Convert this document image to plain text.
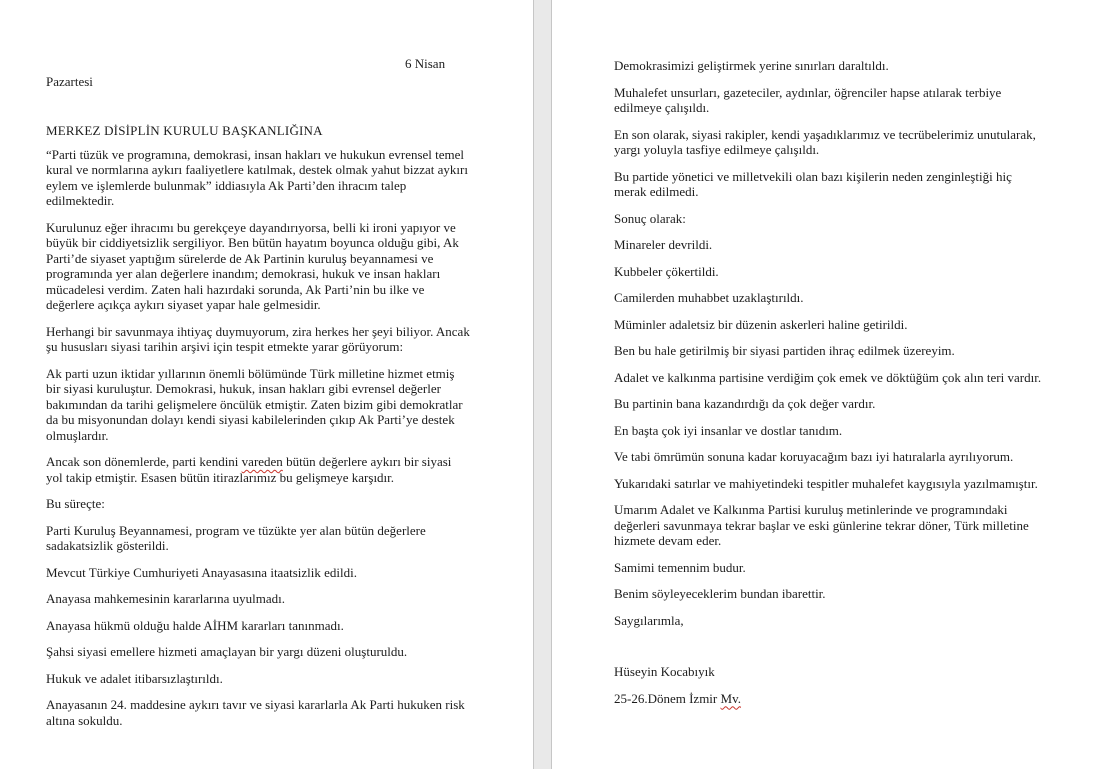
6 Nisan

Pazartesi

MERKEZ DİSİPLİN KURULU BAŞKANLIĞINA

“Parti tüzük ve programına, demokrasi, insan hakları ve hukukun evrensel temel kural ve normlarına aykırı faaliyetlere katılmak, destek olmak yahut bizzat aykırı eylem ve işlemlerde bulunmak” iddiasıyla Ak Parti’den ihracım talep edilmektedir.

Kurulunuz eğer ihracımı bu gerekçeye dayandırıyorsa, belli ki ironi yapıyor ve büyük bir ciddiyetsizlik sergiliyor. Ben bütün hayatım boyunca olduğu gibi, Ak Parti’de siyaset yaptığım sürelerde de Ak Partinin kuruluş beyannamesi ve programında yer alan değerlere inandım; demokrasi, hukuk ve insan hakları mücadelesi verdim. Zaten hali hazırdaki sorunda, Ak Parti’nin bu ilke ve değerlere açıkça aykırı siyaset yapar hale gelmesidir.

Herhangi bir savunmaya ihtiyaç duymuyorum, zira herkes her şeyi biliyor. Ancak şu hususları siyasi tarihin arşivi için tespit etmekte yarar görüyorum:

Ak parti uzun iktidar yıllarının önemli bölümünde Türk milletine hizmet etmiş bir siyasi kuruluştur. Demokrasi, hukuk, insan hakları gibi evrensel değerler bakımından da tarihi gelişmelere öncülük etmiştir. Zaten bizim gibi demokratlar da bu misyonundan dolayı kendi siyasi kabilelerinden çıkıp Ak Parti’ye destek olmuşlardır.

Ancak son dönemlerde, parti kendini vareden bütün değerlere aykırı bir siyasi yol takip etmiştir. Esasen bütün itirazlarımız bu gelişmeye karşıdır.

Bu süreçte:

Parti Kuruluş Beyannamesi, program ve tüzükte yer alan bütün değerlere sadakatsizlik gösterildi.

Mevcut Türkiye Cumhuriyeti Anayasasına itaatsizlik edildi.

Anayasa mahkemesinin kararlarına uyulmadı.

Anayasa hükmü olduğu halde AİHM kararları tanınmadı.

Şahsi siyasi emellere hizmeti amaçlayan bir yargı düzeni oluşturuldu.

Hukuk ve adalet itibarsızlaştırıldı.

Anayasanın 24. maddesine aykırı tavır ve siyasi kararlarla Ak Parti hukuken risk altına sokuldu.

Demokrasimizi geliştirmek yerine sınırları daraltıldı.

Muhalefet unsurları, gazeteciler, aydınlar, öğrenciler hapse atılarak terbiye edilmeye çalışıldı.

En son olarak, siyasi rakipler, kendi yaşadıklarımız ve tecrübelerimiz unutularak, yargı yoluyla tasfiye edilmeye çalışıldı.

Bu partide yönetici ve milletvekili olan bazı kişilerin neden zenginleştiği hiç merak edilmedi.

Sonuç olarak:

Minareler devrildi.

Kubbeler çökertildi.

Camilerden muhabbet uzaklaştırıldı.

Müminler adaletsiz bir düzenin askerleri haline getirildi.

Ben bu hale getirilmiş bir siyasi partiden ihraç edilmek üzereyim.

Adalet ve kalkınma partisine verdiğim çok emek ve döktüğüm çok alın teri vardır.

Bu partinin bana kazandırdığı da çok değer vardır.

En başta çok iyi insanlar ve dostlar tanıdım.

Ve tabi ömrümün sonuna kadar koruyacağım bazı iyi hatıralarla ayrılıyorum.

Yukarıdaki satırlar ve mahiyetindeki tespitler muhalefet kaygısıyla yazılmamıştır.

Umarım Adalet ve Kalkınma Partisi kuruluş metinlerinde ve programındaki değerleri savunmaya tekrar başlar ve eski günlerine tekrar döner, Türk milletine hizmete devam eder.

Samimi temennim budur.

Benim söyleyeceklerim bundan ibarettir.

Saygılarımla,

Hüseyin Kocabıyık

25-26.Dönem İzmir Mv.
